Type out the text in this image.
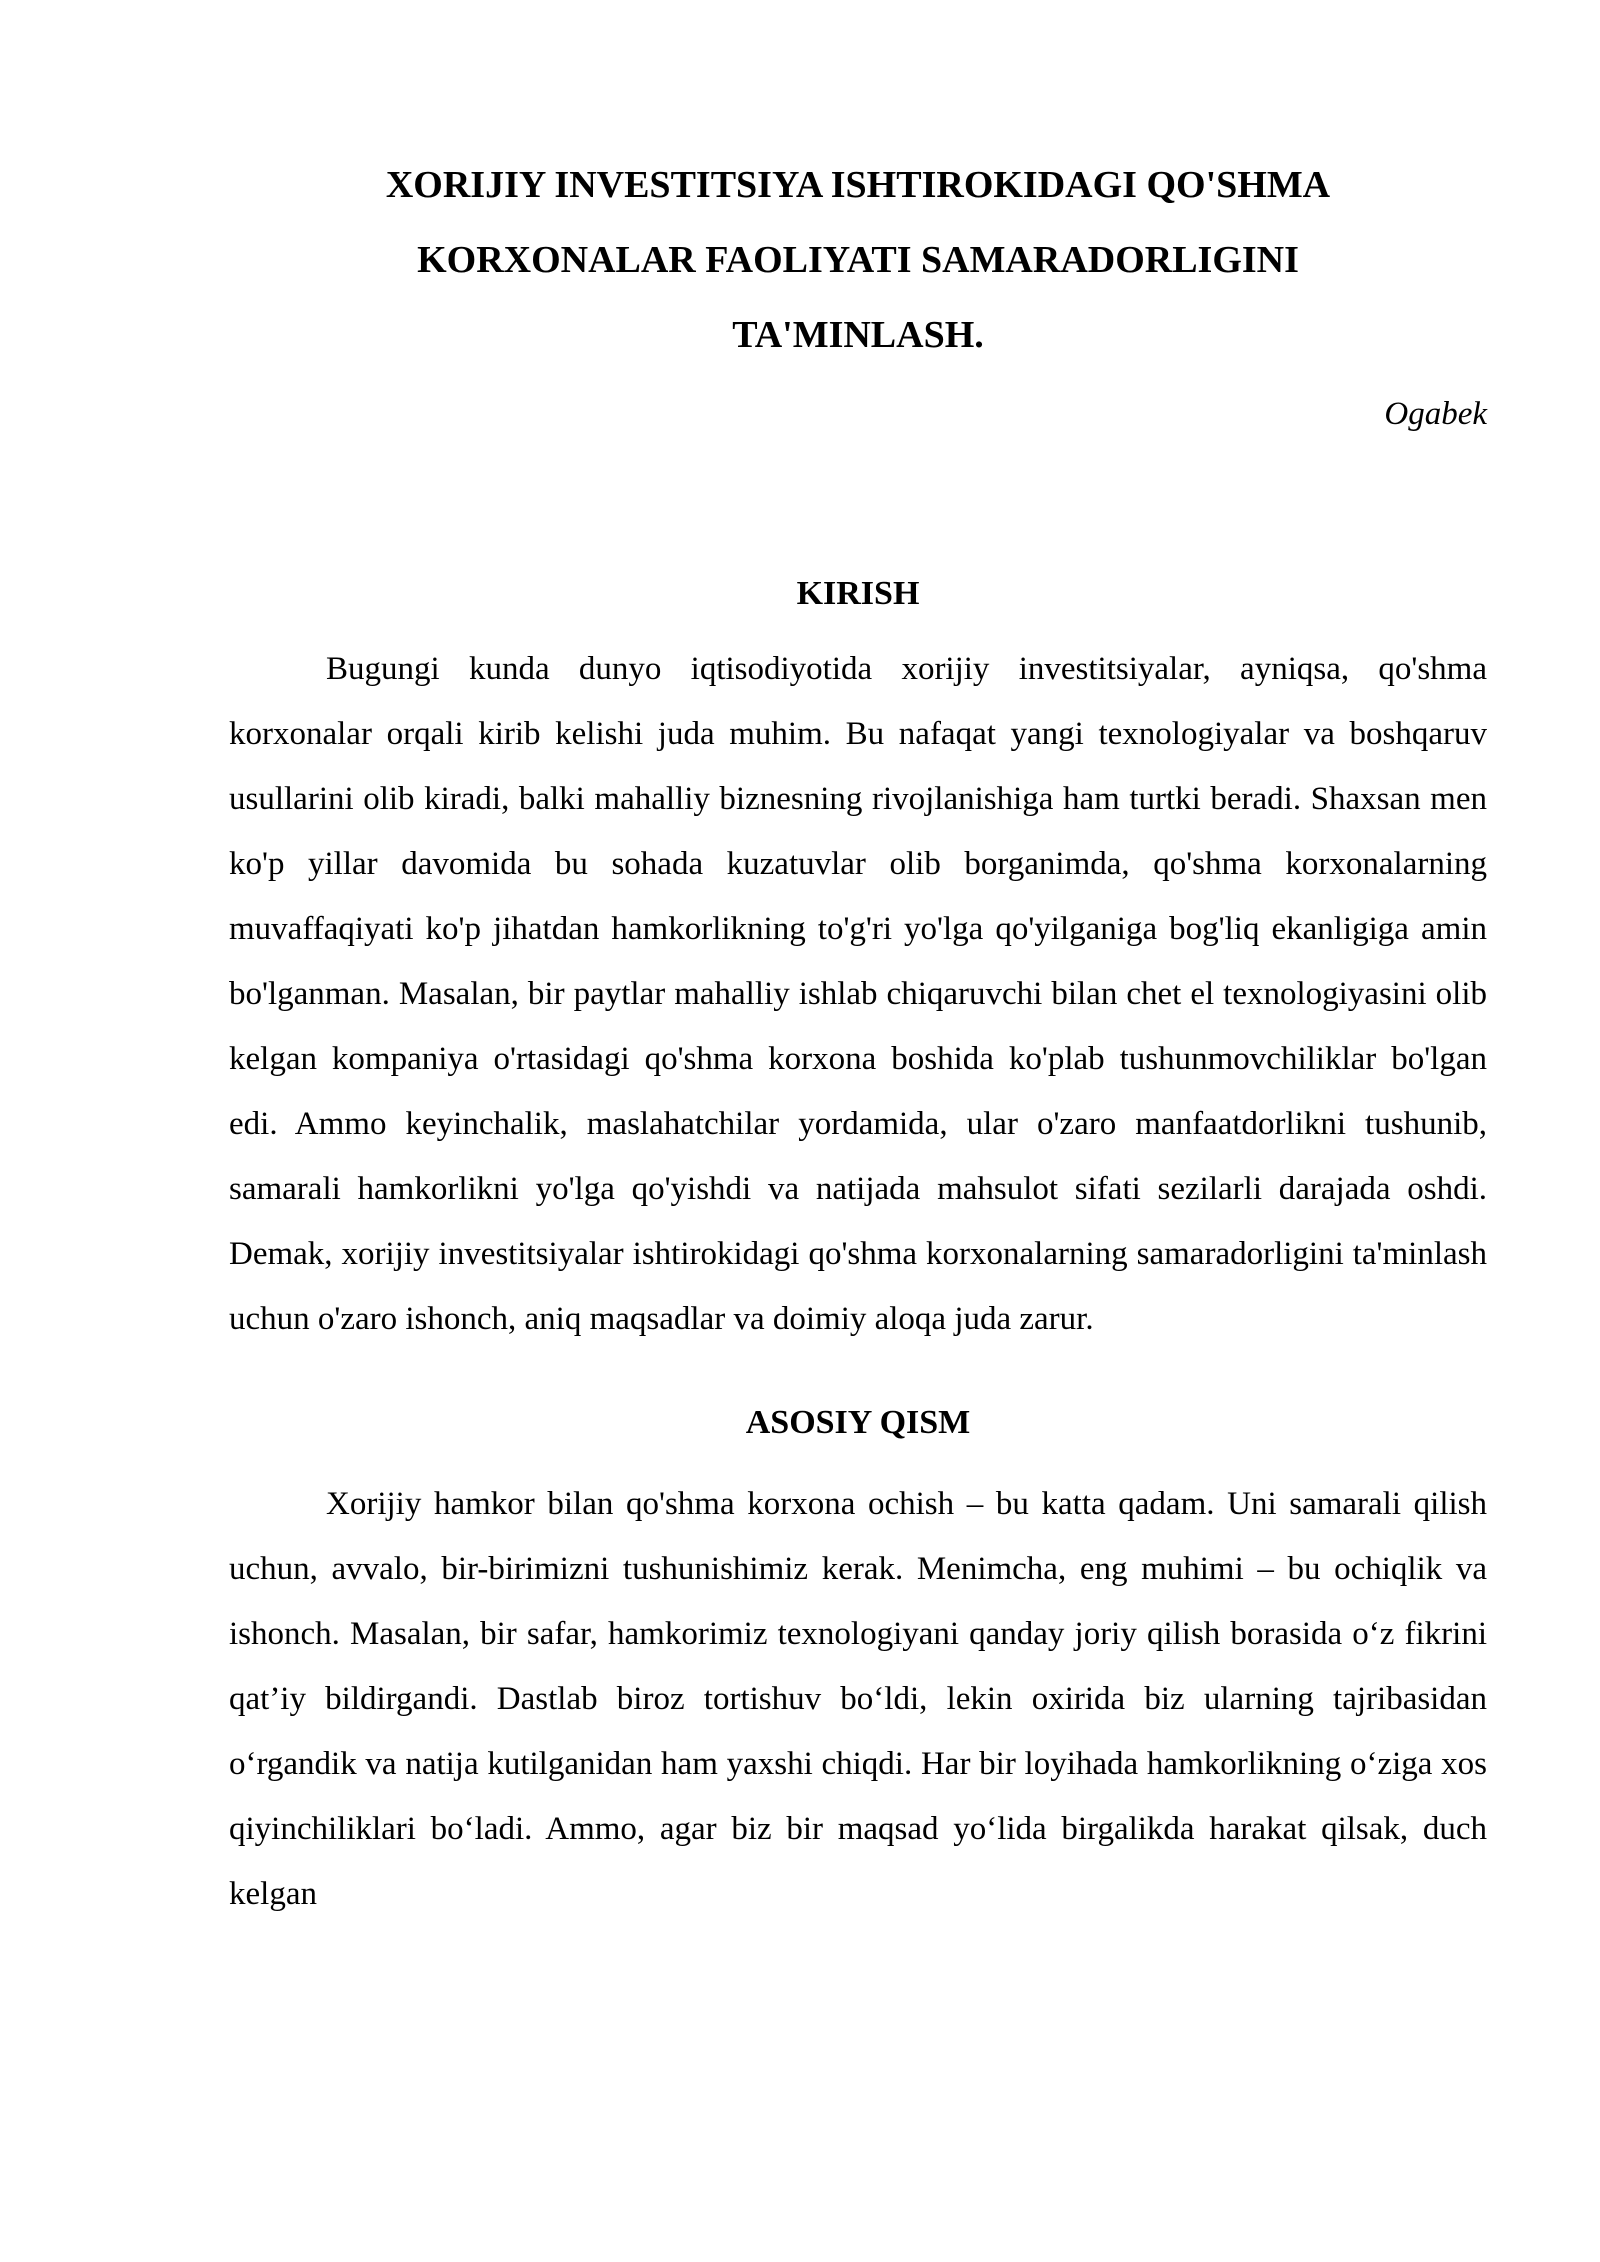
XORIJIY INVESTITSIYA ISHTIROKIDAGI QO'SHMA
KORXONALAR FAOLIYATI SAMARADORLIGINI
TA'MINLASH.

Ogabek

KIRISH

Bugungi kunda dunyo iqtisodiyotida xorijiy investitsiyalar, ayniqsa, qo'shma korxonalar orqali kirib kelishi juda muhim. Bu nafaqat yangi texnologiyalar va boshqaruv usullarini olib kiradi, balki mahalliy biznesning rivojlanishiga ham turtki beradi. Shaxsan men ko'p yillar davomida bu sohada kuzatuvlar olib borganimda, qo'shma korxonalarning muvaffaqiyati ko'p jihatdan hamkorlikning to'g'ri yo'lga qo'yilganiga bog'liq ekanligiga amin bo'lganman. Masalan, bir paytlar mahalliy ishlab chiqaruvchi bilan chet el texnologiyasini olib kelgan kompaniya o'rtasidagi qo'shma korxona boshida ko'plab tushunmovchiliklar bo'lgan edi. Ammo keyinchalik, maslahatchilar yordamida, ular o'zaro manfaatdorlikni tushunib, samarali hamkorlikni yo'lga qo'yishdi va natijada mahsulot sifati sezilarli darajada oshdi. Demak, xorijiy investitsiyalar ishtirokidagi qo'shma korxonalarning samaradorligini ta'minlash uchun o'zaro ishonch, aniq maqsadlar va doimiy aloqa juda zarur.

ASOSIY QISM

Xorijiy hamkor bilan qo'shma korxona ochish – bu katta qadam. Uni samarali qilish uchun, avvalo, bir-birimizni tushunishimiz kerak. Menimcha, eng muhimi – bu ochiqlik va ishonch. Masalan, bir safar, hamkorimiz texnologiyani qanday joriy qilish borasida o‘z fikrini qat’iy bildirgandi. Dastlab biroz tortishuv bo‘ldi, lekin oxirida biz ularning tajribasidan o‘rgandik va natija kutilganidan ham yaxshi chiqdi. Har bir loyihada hamkorlikning o‘ziga xos qiyinchiliklari bo‘ladi. Ammo, agar biz bir maqsad yo‘lida birgalikda harakat qilsak, duch kelgan
